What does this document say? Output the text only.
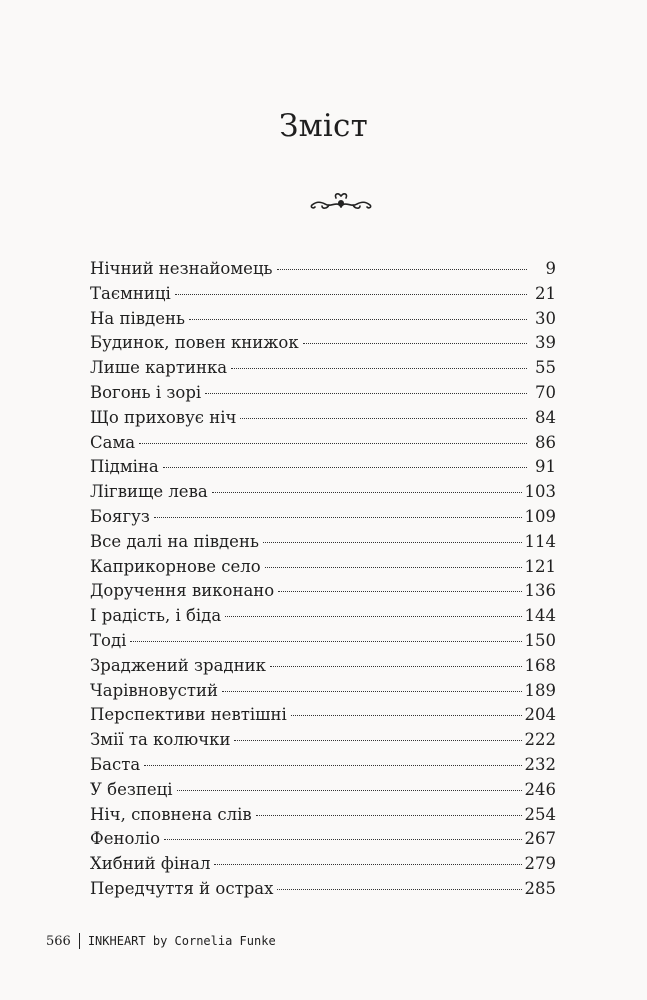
Зміст
Нічний незнайомець	9
Таємниці	21
На південь	30
Будинок, повен книжок	39
Лише картинка	55
Вогонь і зорі	70
Що приховує ніч	84
Сама	86
Підміна	91
Лігвище лева	103
Боягуз	109
Все далі на південь	114
Каприкорнове село	121
Доручення виконано	136
І радість, і біда	144
Тоді	150
Зраджений зрадник	168
Чарівновустий	189
Перспективи невтішні	204
Змії та колючки	222
Баста	232
У безпеці	246
Ніч, сповнена слів	254
Феноліо	267
Хибний фінал	279
Передчуття й острах	285
566 INKHEART by Cornelia Funke
